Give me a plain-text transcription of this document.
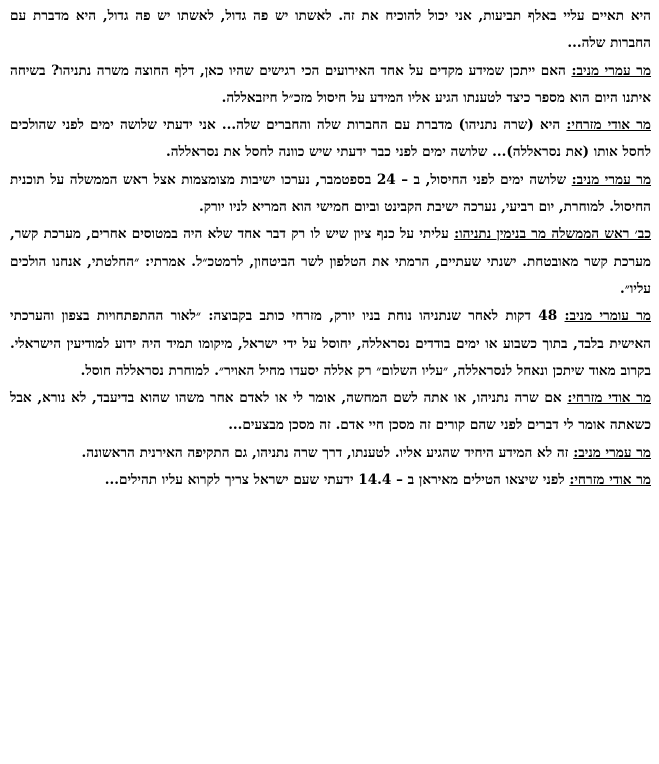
היא תאיים עליי באלף תביעות, אני יכול להוכיח את זה. לאשתו יש פה גדול, לאשתו יש פה גדול, היא מדברת עם החברות שלה...

מר עמרי מניב: האם ייתכן שמידע מקדים על אחד האירועים הכי רגישים שהיו כאן, דלף החוצה משרה נתניהו? בשיחה איתנו היום הוא מספר כיצד לטענתו הגיע אליו המידע על חיסול מזכ״ל חיזבאללה.

מר אודי מזרחי: היא (שרה נתניהו) מדברת עם החברות שלה והחברים שלה... אני ידעתי שלושה ימים לפני שהולכים לחסל אותו (את נסראללה)... שלושה ימים לפני כבר ידעתי שיש כוונה לחסל את נסראללה.

מר עמרי מניב: שלושה ימים לפני החיסול, ב – 24 בספטמבר, נערכו ישיבות מצומצמות אצל ראש הממשלה על תוכנית החיסול. למוחרת, יום רביעי, נערכה ישיבת הקבינט וביום חמישי הוא המריא לניו יורק.

כב׳ ראש הממשלה מר בנימין נתניהו: עליתי על כנף ציון שיש לו רק דבר אחד שלא היה במטוסים אחרים, מערכת קשר, מערכת קשר מאובטחת. ישנתי שעתיים, הרמתי את הטלפון לשר הביטחון, לרמטכ״ל. אמרתי: ״החלטתי, אנחנו הולכים עליו״.

מר עומרי מניב: 48 דקות לאחר שנתניהו נוחת בניו יורק, מזרחי כותב בקבוצה: ״לאור ההתפתחויות בצפון והערכתי האישית בלבד, בתוך כשבוע או ימים בודדים נסראללה, יחוסל על ידי ישראל, מיקומו תמיד היה ידוע למודיעין הישראלי. בקרוב מאוד שיתכן ונאחל לנסראללה, ״עליו השלום״ רק אללה יסעדו מחיל האויר״. למוחרת נסראללה חוסל.

מר אודי מזרחי: אם שרה נתניהו, או אתה לשם המחשה, אומר לי או לאדם אחר משהו שהוא בדיעבד, לא נורא, אבל כשאתה אומר לי דברים לפני שהם קורים זה מסכן חיי אדם. זה מסכן מבצעים...

מר עמרי מניב: זה לא המידע היחיד שהגיע אליו. לטענתו, דרך שרה נתניהו, גם התקיפה האירנית הראשונה.

מר אודי מזרחי: לפני שיצאו הטילים מאיראן ב – 14.4 ידעתי שעם ישראל צריך לקרוא עליו תהילים...
